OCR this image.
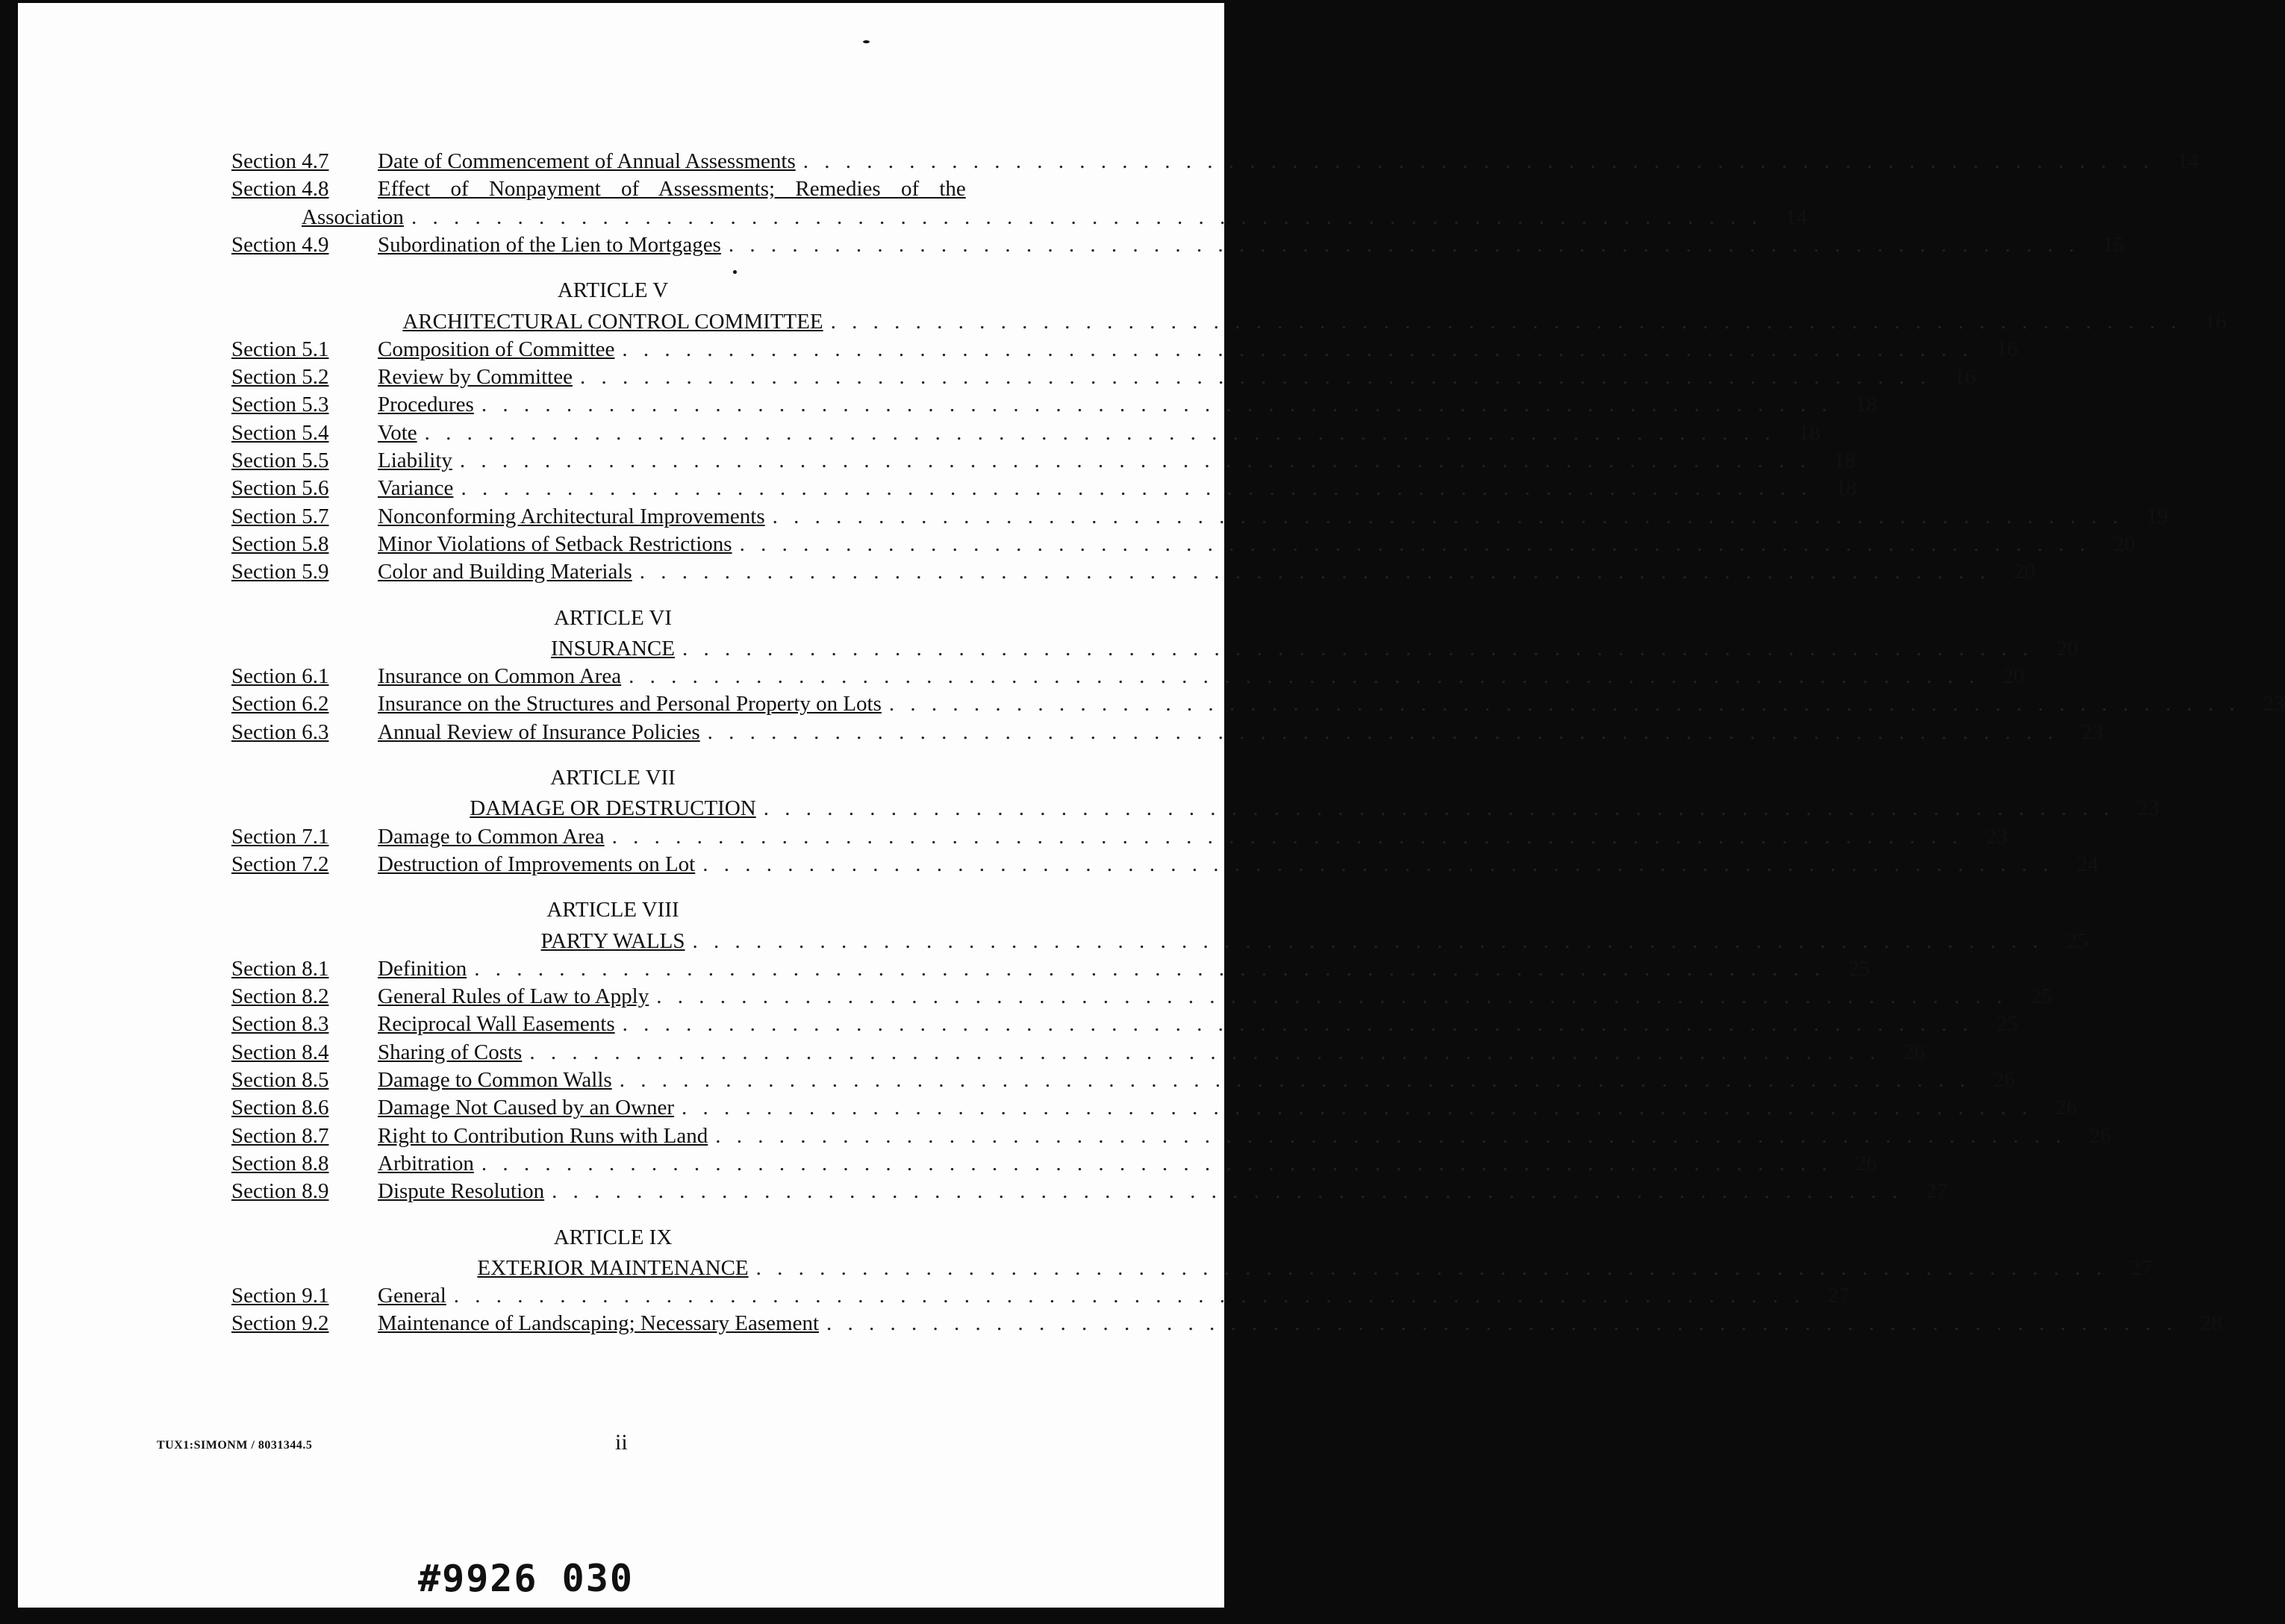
Section 4.7	Date of Commencement of Annual Assessments . . . . . . . . . . . . . . . . . . . . . . . . . . . . . . . . . . . . . . . . . . . . . . . . . . . . . . . . . . . . . . . .	14
Section 4.8	Effect of Nonpayment of Assessments; Remedies of the
Association . . . . . . . . . . . . . . . . . . . . . . . . . . . . . . . . . . . . . . . . . . . . . . . . . . . . . . . . . . . . . . . .	14
Section 4.9	Subordination of the Lien to Mortgages . . . . . . . . . . . . . . . . . . . . . . . . . . . . . . . . . . . . . . . . . . . . . . . . . . . . . . . . . . . . . . . .	15
ARTICLE V
ARCHITECTURAL CONTROL COMMITTEE . . . . . . . . . . . . . . . . . . . . . . . . . . . . . . . . . . . . . . . . . . . . . . . . . . . . . . . . . . . . . . . .	16
Section 5.1	Composition of Committee . . . . . . . . . . . . . . . . . . . . . . . . . . . . . . . . . . . . . . . . . . . . . . . . . . . . . . . . . . . . . . . .	16
Section 5.2	Review by Committee . . . . . . . . . . . . . . . . . . . . . . . . . . . . . . . . . . . . . . . . . . . . . . . . . . . . . . . . . . . . . . . .	16
Section 5.3	Procedures . . . . . . . . . . . . . . . . . . . . . . . . . . . . . . . . . . . . . . . . . . . . . . . . . . . . . . . . . . . . . . . .	18
Section 5.4	Vote . . . . . . . . . . . . . . . . . . . . . . . . . . . . . . . . . . . . . . . . . . . . . . . . . . . . . . . . . . . . . . . .	18
Section 5.5	Liability . . . . . . . . . . . . . . . . . . . . . . . . . . . . . . . . . . . . . . . . . . . . . . . . . . . . . . . . . . . . . . . .	18
Section 5.6	Variance . . . . . . . . . . . . . . . . . . . . . . . . . . . . . . . . . . . . . . . . . . . . . . . . . . . . . . . . . . . . . . . .	18
Section 5.7	Nonconforming Architectural Improvements . . . . . . . . . . . . . . . . . . . . . . . . . . . . . . . . . . . . . . . . . . . . . . . . . . . . . . . . . . . . . . . .	19
Section 5.8	Minor Violations of Setback Restrictions . . . . . . . . . . . . . . . . . . . . . . . . . . . . . . . . . . . . . . . . . . . . . . . . . . . . . . . . . . . . . . . .	20
Section 5.9	Color and Building Materials . . . . . . . . . . . . . . . . . . . . . . . . . . . . . . . . . . . . . . . . . . . . . . . . . . . . . . . . . . . . . . . .	20
ARTICLE VI
INSURANCE . . . . . . . . . . . . . . . . . . . . . . . . . . . . . . . . . . . . . . . . . . . . . . . . . . . . . . . . . . . . . . . .	20
Section 6.1	Insurance on Common Area . . . . . . . . . . . . . . . . . . . . . . . . . . . . . . . . . . . . . . . . . . . . . . . . . . . . . . . . . . . . . . . .	20
Section 6.2	Insurance on the Structures and Personal Property on Lots . . . . . . . . . . . . . . . . . . . . . . . . . . . . . . . . . . . . . . . . . . . . . . . . . . . . . . . . . . . . . . . .	23
Section 6.3	Annual Review of Insurance Policies . . . . . . . . . . . . . . . . . . . . . . . . . . . . . . . . . . . . . . . . . . . . . . . . . . . . . . . . . . . . . . . .	23
ARTICLE VII
DAMAGE OR DESTRUCTION . . . . . . . . . . . . . . . . . . . . . . . . . . . . . . . . . . . . . . . . . . . . . . . . . . . . . . . . . . . . . . . .	23
Section 7.1	Damage to Common Area . . . . . . . . . . . . . . . . . . . . . . . . . . . . . . . . . . . . . . . . . . . . . . . . . . . . . . . . . . . . . . . .	23
Section 7.2	Destruction of Improvements on Lot . . . . . . . . . . . . . . . . . . . . . . . . . . . . . . . . . . . . . . . . . . . . . . . . . . . . . . . . . . . . . . . .	24
ARTICLE VIII
PARTY WALLS . . . . . . . . . . . . . . . . . . . . . . . . . . . . . . . . . . . . . . . . . . . . . . . . . . . . . . . . . . . . . . . .	25
Section 8.1	Definition . . . . . . . . . . . . . . . . . . . . . . . . . . . . . . . . . . . . . . . . . . . . . . . . . . . . . . . . . . . . . . . .	25
Section 8.2	General Rules of Law to Apply . . . . . . . . . . . . . . . . . . . . . . . . . . . . . . . . . . . . . . . . . . . . . . . . . . . . . . . . . . . . . . . .	25
Section 8.3	Reciprocal Wall Easements . . . . . . . . . . . . . . . . . . . . . . . . . . . . . . . . . . . . . . . . . . . . . . . . . . . . . . . . . . . . . . . .	25
Section 8.4	Sharing of Costs . . . . . . . . . . . . . . . . . . . . . . . . . . . . . . . . . . . . . . . . . . . . . . . . . . . . . . . . . . . . . . . .	26
Section 8.5	Damage to Common Walls . . . . . . . . . . . . . . . . . . . . . . . . . . . . . . . . . . . . . . . . . . . . . . . . . . . . . . . . . . . . . . . .	26
Section 8.6	Damage Not Caused by an Owner . . . . . . . . . . . . . . . . . . . . . . . . . . . . . . . . . . . . . . . . . . . . . . . . . . . . . . . . . . . . . . . .	26
Section 8.7	Right to Contribution Runs with Land . . . . . . . . . . . . . . . . . . . . . . . . . . . . . . . . . . . . . . . . . . . . . . . . . . . . . . . . . . . . . . . .	26
Section 8.8	Arbitration . . . . . . . . . . . . . . . . . . . . . . . . . . . . . . . . . . . . . . . . . . . . . . . . . . . . . . . . . . . . . . . .	26
Section 8.9	Dispute Resolution . . . . . . . . . . . . . . . . . . . . . . . . . . . . . . . . . . . . . . . . . . . . . . . . . . . . . . . . . . . . . . . .	27
ARTICLE IX
EXTERIOR MAINTENANCE . . . . . . . . . . . . . . . . . . . . . . . . . . . . . . . . . . . . . . . . . . . . . . . . . . . . . . . . . . . . . . . .	27
Section 9.1	General . . . . . . . . . . . . . . . . . . . . . . . . . . . . . . . . . . . . . . . . . . . . . . . . . . . . . . . . . . . . . . . .	27
Section 9.2	Maintenance of Landscaping; Necessary Easement . . . . . . . . . . . . . . . . . . . . . . . . . . . . . . . . . . . . . . . . . . . . . . . . . . . . . . . . . . . . . . . .	28
TUX1:SIMONM / 8031344.5	ii
#9926 030
